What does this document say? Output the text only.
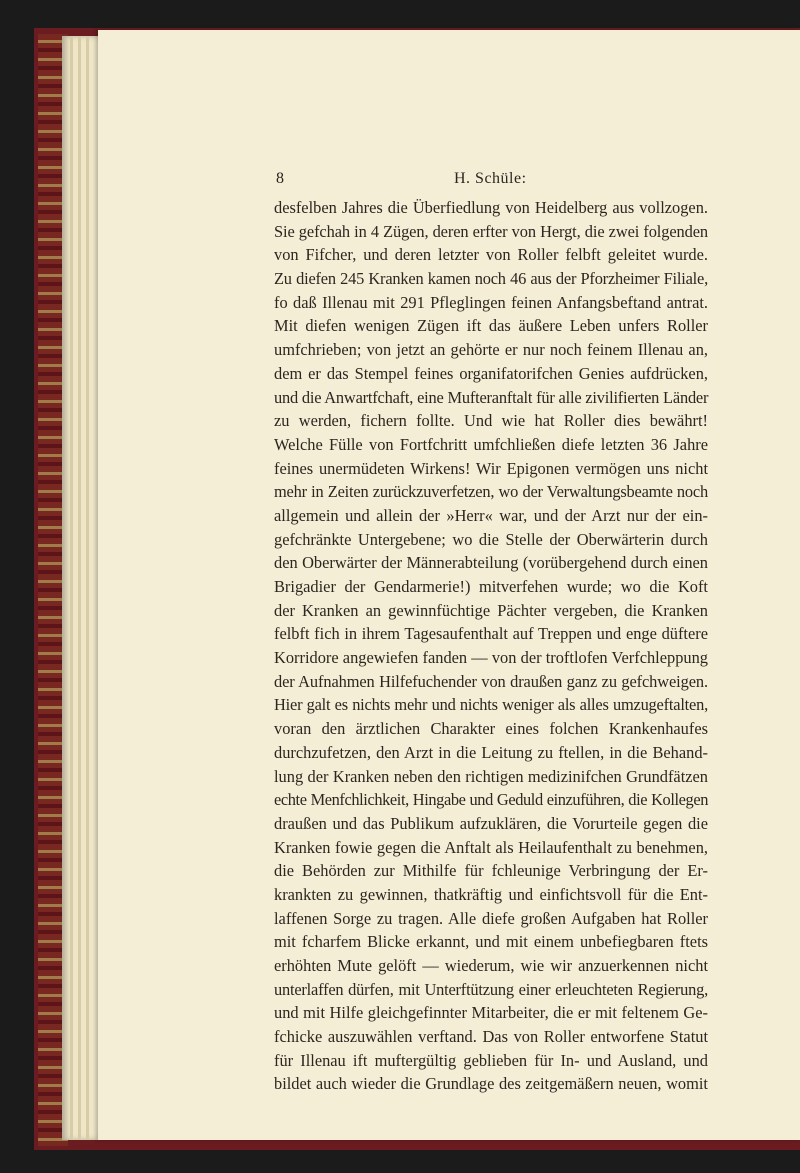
8	H. Schüle:
desfelben Jahres die Überfiedlung von Heidelberg aus vollzogen.
Sie gefchah in 4 Zügen, deren erfter von Hergt, die zwei folgenden
von Fifcher, und deren letzter von Roller felbft geleitet wurde.
Zu diefen 245 Kranken kamen noch 46 aus der Pforzheimer Filiale,
fo daß Illenau mit 291 Pfleglingen feinen Anfangsbeftand antrat.
Mit diefen wenigen Zügen ift das äußere Leben unfers Roller
umfchrieben; von jetzt an gehörte er nur noch feinem Illenau an,
dem er das Stempel feines organifatorifchen Genies aufdrücken,
und die Anwartfchaft, eine Mufteranftalt für alle zivilifierten Länder
zu werden, fichern follte. Und wie hat Roller dies bewährt!
Welche Fülle von Fortfchritt umfchließen diefe letzten 36 Jahre
feines unermüdeten Wirkens! Wir Epigonen vermögen uns nicht
mehr in Zeiten zurückzuverfetzen, wo der Verwaltungsbeamte noch
allgemein und allein der »Herr« war, und der Arzt nur der ein-
gefchränkte Untergebene; wo die Stelle der Oberwärterin durch
den Oberwärter der Männerabteilung (vorübergehend durch einen
Brigadier der Gendarmerie!) mitverfehen wurde; wo die Koft
der Kranken an gewinnfüchtige Pächter vergeben, die Kranken
felbft fich in ihrem Tagesaufenthalt auf Treppen und enge düftere
Korridore angewiefen fanden — von der troftlofen Verfchleppung
der Aufnahmen Hilfefuchender von draußen ganz zu gefchweigen.
Hier galt es nichts mehr und nichts weniger als alles umzugeftalten,
voran den ärztlichen Charakter eines folchen Krankenhaufes
durchzufetzen, den Arzt in die Leitung zu ftellen, in die Behand-
lung der Kranken neben den richtigen medizinifchen Grundfätzen
echte Menfchlichkeit, Hingabe und Geduld einzuführen, die Kollegen
draußen und das Publikum aufzuklären, die Vorurteile gegen die
Kranken fowie gegen die Anftalt als Heilaufenthalt zu benehmen,
die Behörden zur Mithilfe für fchleunige Verbringung der Er-
krankten zu gewinnen, thatkräftig und einfichtsvoll für die Ent-
laffenen Sorge zu tragen. Alle diefe großen Aufgaben hat Roller
mit fcharfem Blicke erkannt, und mit einem unbefiegbaren ftets
erhöhten Mute gelöft — wiederum, wie wir anzuerkennen nicht
unterlaffen dürfen, mit Unterftützung einer erleuchteten Regierung,
und mit Hilfe gleichgefinnter Mitarbeiter, die er mit feltenem Ge-
fchicke auszuwählen verftand. Das von Roller entworfene Statut
für Illenau ift muftergültig geblieben für In- und Ausland, und
bildet auch wieder die Grundlage des zeitgemäßern neuen, womit
